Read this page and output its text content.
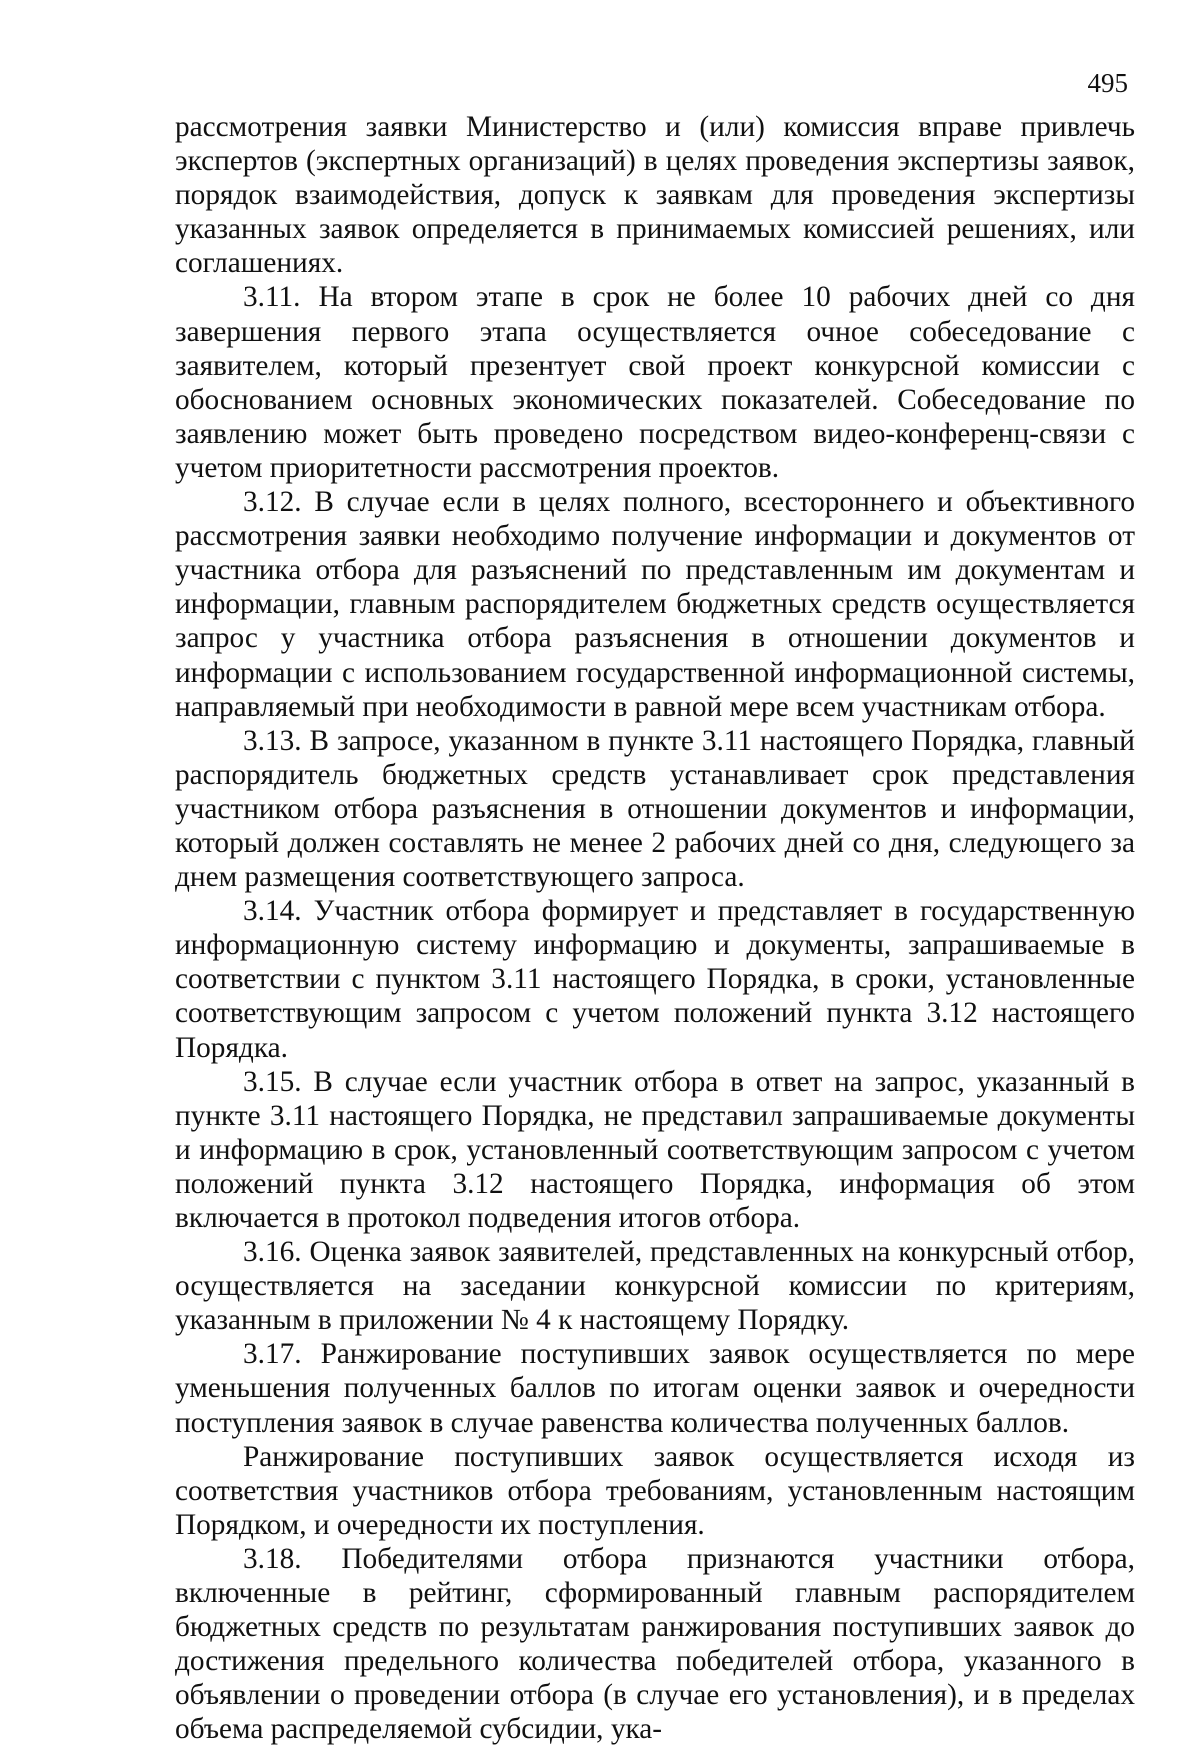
495

рассмотрения заявки Министерство и (или) комиссия вправе привлечь экспертов (экспертных организаций) в целях проведения экспертизы заявок, порядок взаимодействия, допуск к заявкам для проведения экспертизы указанных заявок определяется в принимаемых комиссией решениях, или соглашениях.

3.11. На втором этапе в срок не более 10 рабочих дней со дня завершения первого этапа осуществляется очное собеседование с заявителем, который презентует свой проект конкурсной комиссии с обоснованием основных экономических показателей. Собеседование по заявлению может быть проведено посредством видео-конференц-связи с учетом приоритетности рассмотрения проектов.

3.12. В случае если в целях полного, всестороннего и объективного рассмотрения заявки необходимо получение информации и документов от участника отбора для разъяснений по представленным им документам и информации, главным распорядителем бюджетных средств осуществляется запрос у участника отбора разъяснения в отношении документов и информации с использованием государственной информационной системы, направляемый при необходимости в равной мере всем участникам отбора.

3.13. В запросе, указанном в пункте 3.11 настоящего Порядка, главный распорядитель бюджетных средств устанавливает срок представления участником отбора разъяснения в отношении документов и информации, который должен составлять не менее 2 рабочих дней со дня, следующего за днем размещения соответствующего запроса.

3.14. Участник отбора формирует и представляет в государственную информационную систему информацию и документы, запрашиваемые в соответствии с пунктом 3.11 настоящего Порядка, в сроки, установленные соответствующим запросом с учетом положений пункта 3.12 настоящего Порядка.

3.15. В случае если участник отбора в ответ на запрос, указанный в пункте 3.11 настоящего Порядка, не представил запрашиваемые документы и информацию в срок, установленный соответствующим запросом с учетом положений пункта 3.12 настоящего Порядка, информация об этом включается в протокол подведения итогов отбора.

3.16. Оценка заявок заявителей, представленных на конкурсный отбор, осуществляется на заседании конкурсной комиссии по критериям, указанным в приложении № 4 к настоящему Порядку.

3.17. Ранжирование поступивших заявок осуществляется по мере уменьшения полученных баллов по итогам оценки заявок и очередности поступления заявок в случае равенства количества полученных баллов.

Ранжирование поступивших заявок осуществляется исходя из соответствия участников отбора требованиям, установленным настоящим Порядком, и очередности их поступления.

3.18. Победителями отбора признаются участники отбора, включенные в рейтинг, сформированный главным распорядителем бюджетных средств по результатам ранжирования поступивших заявок до достижения предельного количества победителей отбора, указанного в объявлении о проведении отбора (в случае его установления), и в пределах объема распределяемой субсидии, ука-
